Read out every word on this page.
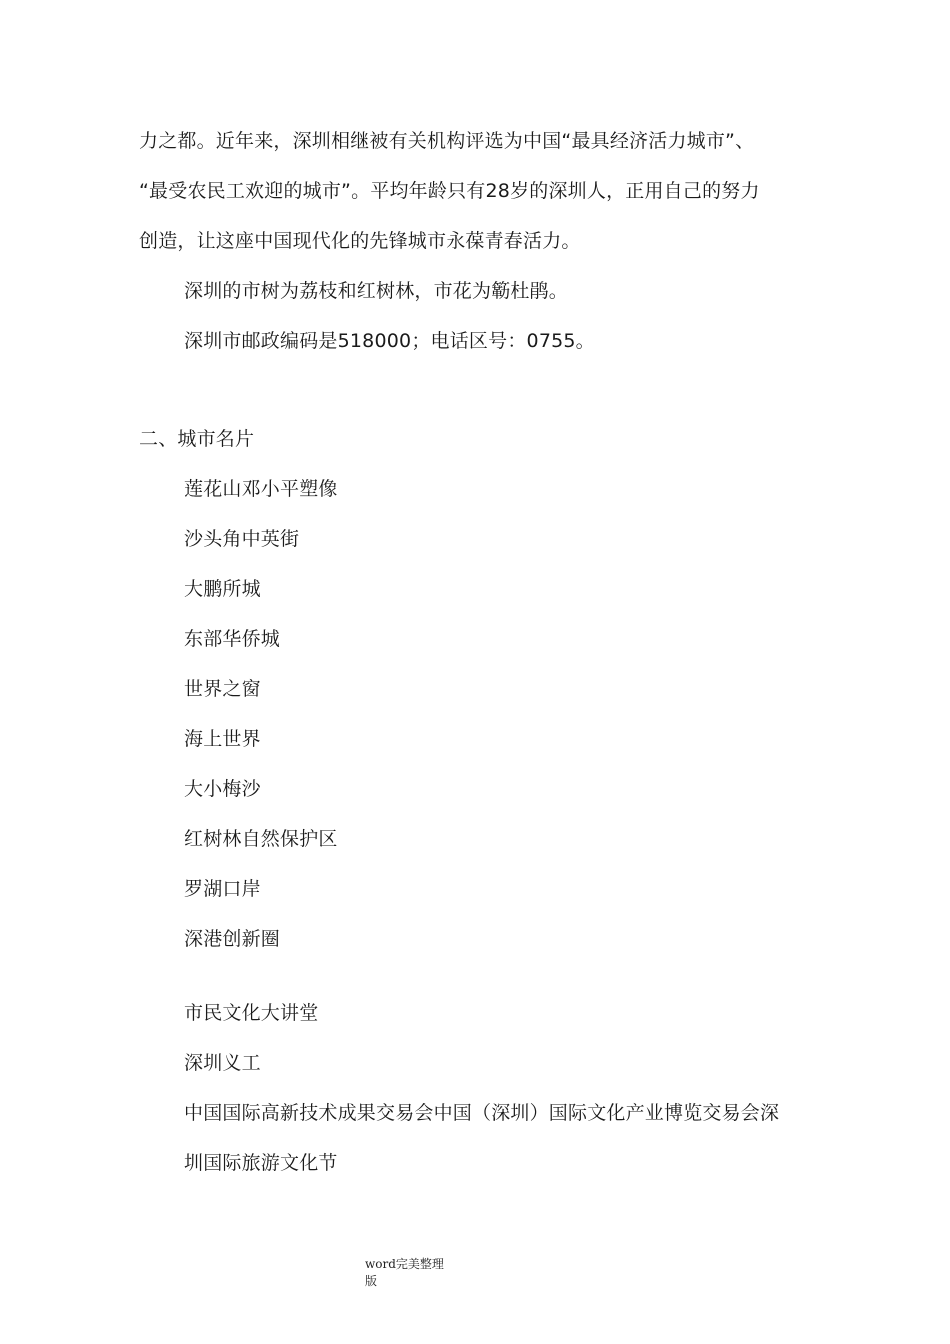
力之都。近年来，深圳相继被有关机构评选为中国“最具经济活力城市”、
“最受农民工欢迎的城市”。平均年龄只有28岁的深圳人，正用自己的努力
创造，让这座中国现代化的先锋城市永葆青春活力。
深圳的市树为荔枝和红树林，市花为簕杜鹃。
深圳市邮政编码是518000；电话区号：0755。
二、城市名片
莲花山邓小平塑像
沙头角中英街
大鹏所城
东部华侨城
世界之窗
海上世界
大小梅沙
红树林自然保护区
罗湖口岸
深港创新圈
市民文化大讲堂
深圳义工
中国国际高新技术成果交易会中国（深圳）国际文化产业博览交易会深
圳国际旅游文化节
word完美整理
版
